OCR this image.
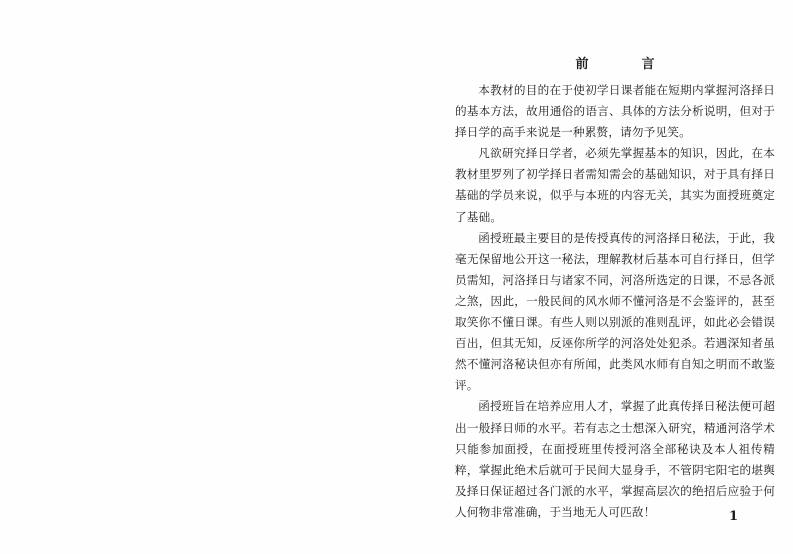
前　言

本教材的目的在于使初学日课者能在短期内掌握河洛择日的基本方法，故用通俗的语言、具体的方法分析说明，但对于择日学的高手来说是一种累赘，请勿予见笑。

凡欲研究择日学者，必须先掌握基本的知识，因此，在本教材里罗列了初学择日者需知需会的基础知识，对于具有择日基础的学员来说，似乎与本班的内容无关，其实为面授班奠定了基础。

函授班最主要目的是传授真传的河洛择日秘法，于此，我毫无保留地公开这一秘法，理解教材后基本可自行择日，但学员需知，河洛择日与诸家不同，河洛所选定的日课，不忌各派之煞，因此，一般民间的风水师不懂河洛是不会鉴评的，甚至取笑你不懂日课。有些人则以别派的准则乱评，如此必会错误百出，但其无知，反诬你所学的河洛处处犯杀。若遇深知者虽然不懂河洛秘诀但亦有所闻，此类风水师有自知之明而不敢鉴评。

函授班旨在培养应用人才，掌握了此真传择日秘法便可超出一般择日师的水平。若有志之士想深入研究，精通河洛学术只能参加面授，在面授班里传授河洛全部秘诀及本人祖传精粹，掌握此绝术后就可于民间大显身手，不管阴宅阳宅的堪舆及择日保证超过各门派的水平，掌握高层次的绝招后应验于何人何物非常准确，于当地无人可匹敌！	1
